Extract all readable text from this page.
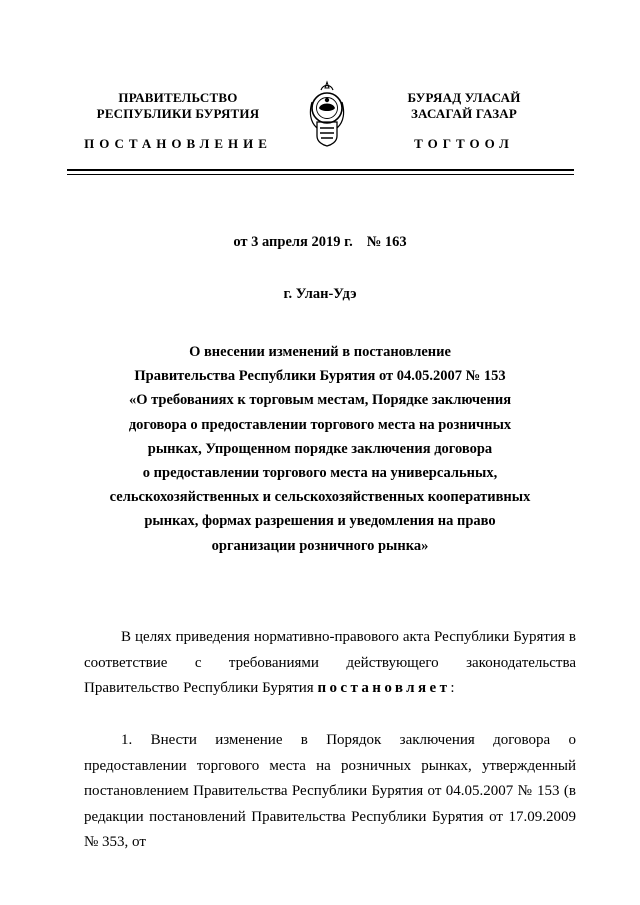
ПРАВИТЕЛЬСТВО
РЕСПУБЛИКИ БУРЯТИЯ
ПОСТАНОВЛЕНИЕ
БУРЯАД УЛАСАЙ
ЗАСАГАЙ ГАЗАР
ТОГТООЛ
от 3 апреля 2019 г. № 163
г. Улан-Удэ
О внесении изменений в постановление
Правительства Республики Бурятия от 04.05.2007 № 153
«О требованиях к торговым местам, Порядке заключения
договора о предоставлении торгового места на розничных
рынках, Упрощенном порядке заключения договора
о предоставлении торгового места на универсальных,
сельскохозяйственных и сельскохозяйственных кооперативных
рынках, формах разрешения и уведомления на право
организации розничного рынка»
В целях приведения нормативно-правового акта Республики Бурятия в соответствие с требованиями действующего законодательства Правительство Республики Бурятия постановляет:
1. Внести изменение в Порядок заключения договора о предоставлении торгового места на розничных рынках, утвержденный постановлением Правительства Республики Бурятия от 04.05.2007 № 153 (в редакции постановлений Правительства Республики Бурятия от 17.09.2009 № 353, от
